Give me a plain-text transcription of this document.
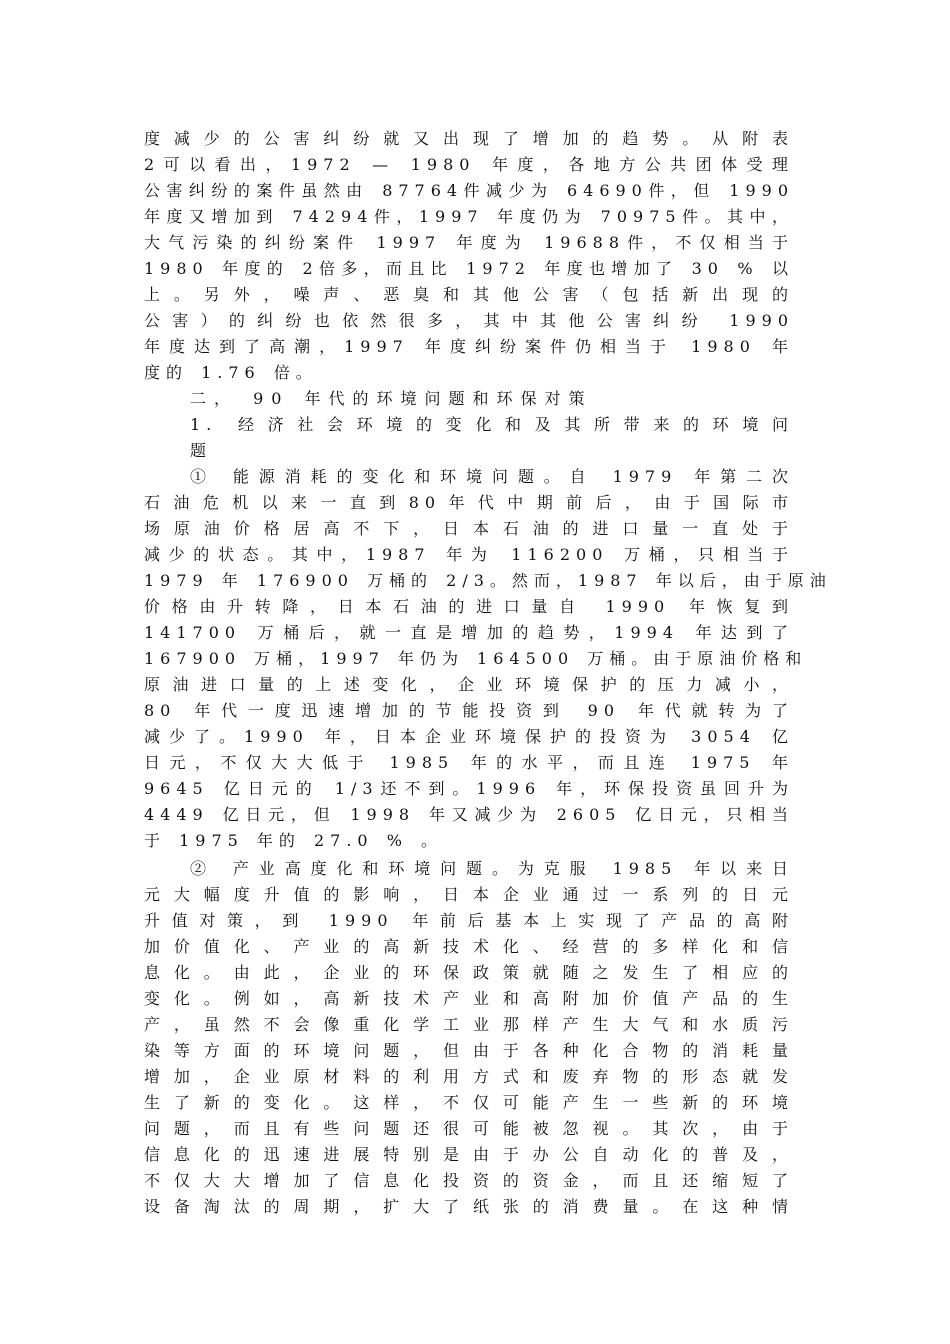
度减少的公害纠纷就又出现了增加的趋势。从附表
2可以看出，1972 — 1980 年度，各地方公共团体受理
公害纠纷的案件虽然由 87764件减少为 64690件，但 1990
年度又增加到 74294件，1997 年度仍为 70975件。其中，
大气污染的纠纷案件 1997 年度为 19688件，不仅相当于
1980 年度的 2倍多，而且比 1972 年度也增加了 30 % 以
上。另外，噪声、恶臭和其他公害（包括新出现的
公害）的纠纷也依然很多，其中其他公害纠纷 1990
年度达到了高潮，1997 年度纠纷案件仍相当于 1980 年
度的 1.76 倍。
二， 90 年代的环境问题和环保对策
1. 经济社会环境的变化和及其所带来的环境问
题
① 能源消耗的变化和环境问题。自 1979 年第二次
石油危机以来一直到80年代中期前后，由于国际市
场原油价格居高不下，日本石油的进口量一直处于
减少的状态。其中，1987 年为 116200 万桶，只相当于
1979 年 176900 万桶的 2/3。然而，1987 年以后，由于原油
价格由升转降，日本石油的进口量自 1990 年恢复到
141700 万桶后，就一直是增加的趋势，1994 年达到了
167900 万桶，1997 年仍为 164500 万桶。由于原油价格和
原油进口量的上述变化，企业环境保护的压力减小，
80 年代一度迅速增加的节能投资到 90 年代就转为了
减少了。1990 年，日本企业环境保护的投资为 3054 亿
日元，不仅大大低于 1985 年的水平，而且连 1975 年
9645 亿日元的 1/3还不到。1996 年，环保投资虽回升为
4449 亿日元，但 1998 年又减少为 2605 亿日元，只相当
于 1975 年的 27.0 % 。
② 产业高度化和环境问题。为克服 1985 年以来日
元大幅度升值的影响，日本企业通过一系列的日元
升值对策，到 1990 年前后基本上实现了产品的高附
加价值化、产业的高新技术化、经营的多样化和信
息化。由此，企业的环保政策就随之发生了相应的
变化。例如，高新技术产业和高附加价值产品的生
产，虽然不会像重化学工业那样产生大气和水质污
染等方面的环境问题，但由于各种化合物的消耗量
增加，企业原材料的利用方式和废弃物的形态就发
生了新的变化。这样，不仅可能产生一些新的环境
问题，而且有些问题还很可能被忽视。其次，由于
信息化的迅速进展特别是由于办公自动化的普及，
不仅大大增加了信息化投资的资金，而且还缩短了
设备淘汰的周期，扩大了纸张的消费量。在这种情
